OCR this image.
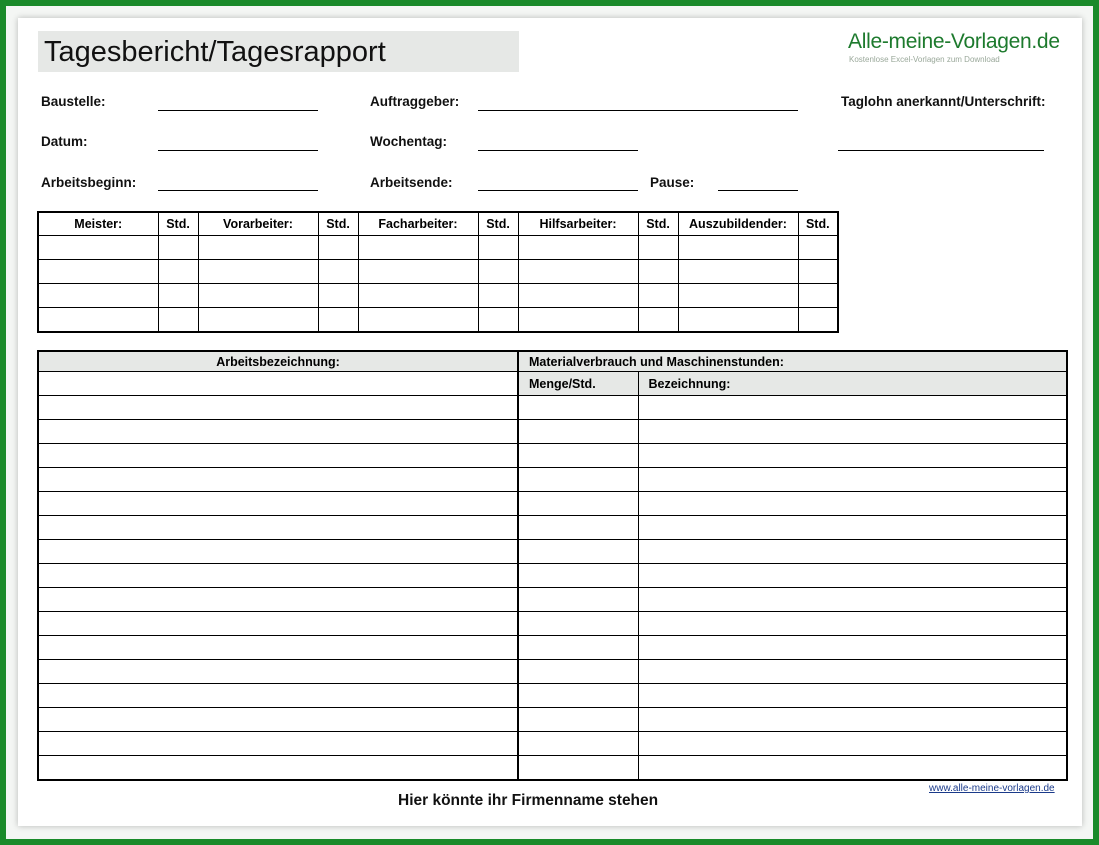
Tagesbericht/Tagesrapport	Alle-meine-Vorlagen.de
Kostenlose Excel-Vorlagen zum Download
Baustelle:	Auftraggeber:	Taglohn anerkannt/Unterschrift:
Datum:	Wochentag:
Arbeitsbeginn:	Arbeitsende:	Pause:
Meister:	Std.	Vorarbeiter:	Std.	Facharbeiter:	Std.	Hilfsarbeiter:	Std.	Auszubildender:	Std.

Arbeitsbezeichnung:	Materialverbrauch und Maschinenstunden:	
	Menge/Std.	Bezeichnung:

Hier könnte ihr Firmenname stehen
www.alle-meine-vorlagen.de
